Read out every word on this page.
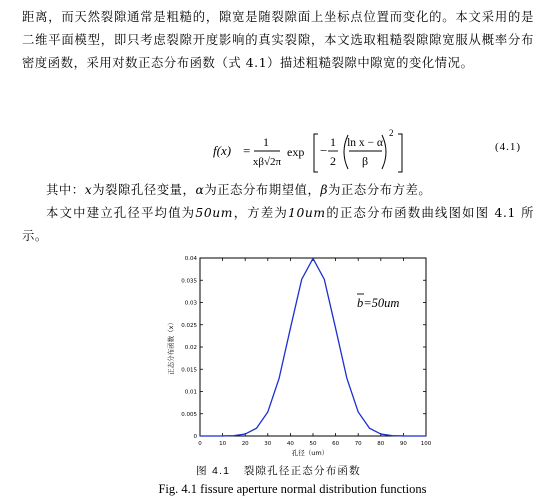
距离，而天然裂隙通常是粗糙的，隙宽是随裂隙面上坐标点位置而变化的。本文采用的是二维平面模型，即只考虑裂隙开度影响的真实裂隙，本文选取粗糙裂隙隙宽服从概率分布密度函数，采用对数正态分布函数（式 4.1）描述粗糙裂隙中隙宽的变化情况。

f(x) =
1
xβ√2π
exp −
1
2
ln x − α
β
2
(4.1)

其中：x为裂隙孔径变量，α为正态分布期望值，β为正态分布方差。

本文中建立孔径平均值为50um，方差为10um的正态分布函数曲线图如图 4.1 所示。

0
0.005
0.01
0.015
0.02
0.025
0.03
0.035
0.04
0	10	20	30	40	50	60	70	80	90	100
b=50um
孔径（um）
正态分布函数（x）
图 4.1 裂隙孔径正态分布函数
Fig. 4.1 fissure aperture normal distribution functions
